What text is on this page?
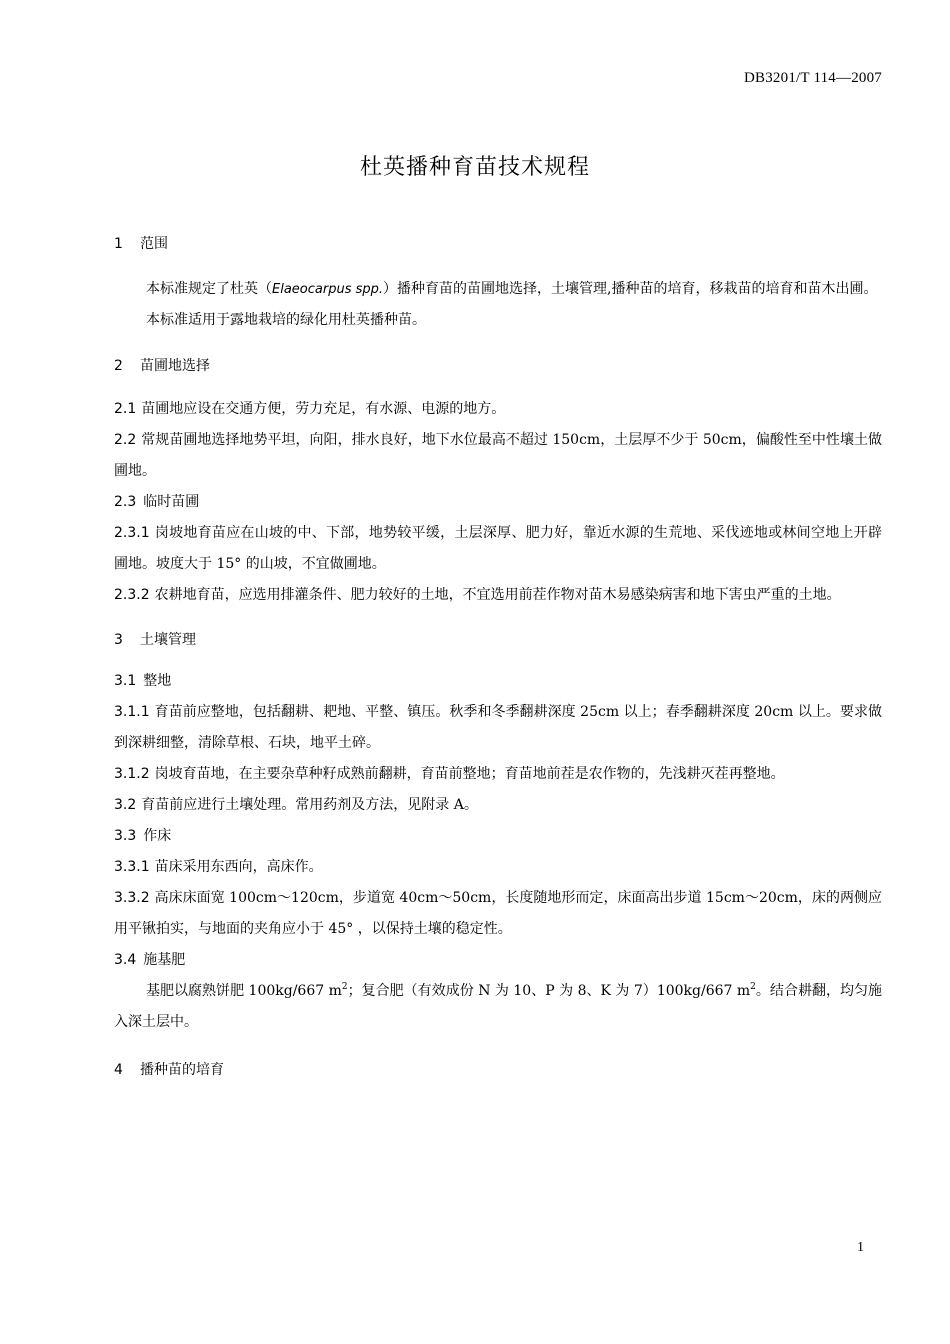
DB3201/T 114—2007
杜英播种育苗技术规程
1 范围

本标准规定了杜英（Elaeocarpus spp.）播种育苗的苗圃地选择，土壤管理,播种苗的培育，移栽苗的培育和苗木出圃。

本标准适用于露地栽培的绿化用杜英播种苗。

2 苗圃地选择

2.1 苗圃地应设在交通方便，劳力充足，有水源、电源的地方。

2.2 常规苗圃地选择地势平坦，向阳，排水良好，地下水位最高不超过 150cm，土层厚不少于 50cm，偏酸性至中性壤土做圃地。

2.3 临时苗圃

2.3.1 岗坡地育苗应在山坡的中、下部，地势较平缓，土层深厚、肥力好，靠近水源的生荒地、采伐迹地或林间空地上开辟圃地。坡度大于 15° 的山坡，不宜做圃地。

2.3.2 农耕地育苗，应选用排灌条件、肥力较好的土地，不宜选用前茬作物对苗木易感染病害和地下害虫严重的土地。

3 土壤管理
3.1 整地

3.1.1 育苗前应整地，包括翻耕、耙地、平整、镇压。秋季和冬季翻耕深度 25cm 以上；春季翻耕深度 20cm 以上。要求做到深耕细整，清除草根、石块，地平土碎。

3.1.2 岗坡育苗地，在主要杂草种籽成熟前翻耕，育苗前整地；育苗地前茬是农作物的，先浅耕灭茬再整地。

3.2 育苗前应进行土壤处理。常用药剂及方法，见附录 A。

3.3 作床

3.3.1 苗床采用东西向，高床作。

3.3.2 高床床面宽 100cm～120cm，步道宽 40cm～50cm，长度随地形而定，床面高出步道 15cm～20cm，床的两侧应用平锹拍实，与地面的夹角应小于 45° ，以保持土壤的稳定性。

3.4 施基肥

基肥以腐熟饼肥 100kg/667 $m^2$；复合肥（有效成份 N 为 10、P 为 8、K 为 7）100kg/667 $m^2$。结合耕翻，均匀施入深土层中。

4 播种苗的培育
1
